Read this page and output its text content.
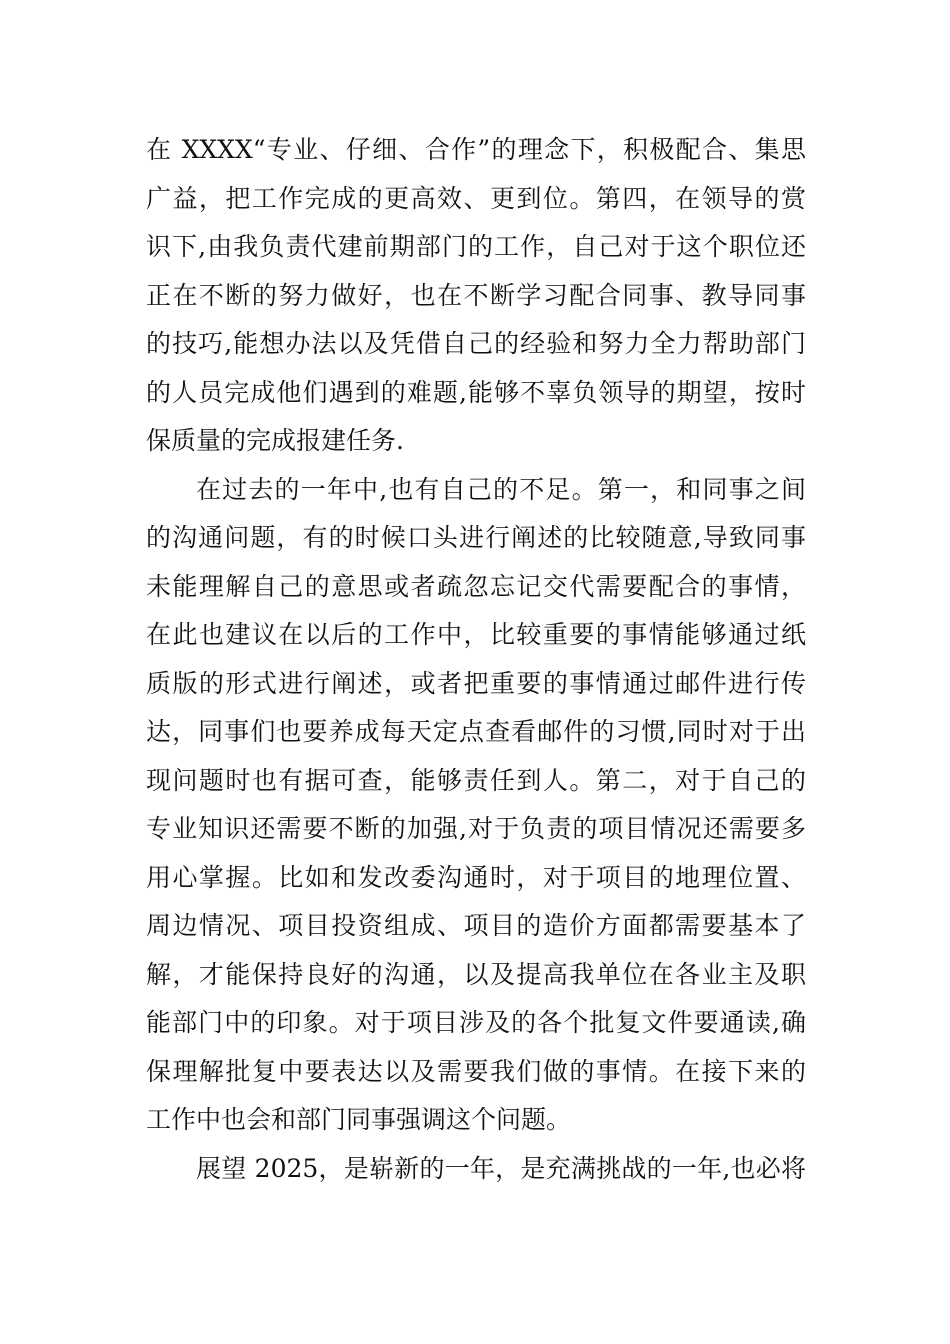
在 XXXX“专业、仔细、合作”的理念下，积极配合、集思
广益，把工作完成的更高效、更到位。第四，在领导的赏
识下,由我负责代建前期部门的工作，自己对于这个职位还
正在不断的努力做好，也在不断学习配合同事、教导同事
的技巧,能想办法以及凭借自己的经验和努力全力帮助部门
的人员完成他们遇到的难题,能够不辜负领导的期望，按时
保质量的完成报建任务.
在过去的一年中,也有自己的不足。第一，和同事之间
的沟通问题，有的时候口头进行阐述的比较随意,导致同事
未能理解自己的意思或者疏忽忘记交代需要配合的事情，
在此也建议在以后的工作中，比较重要的事情能够通过纸
质版的形式进行阐述，或者把重要的事情通过邮件进行传
达，同事们也要养成每天定点查看邮件的习惯,同时对于出
现问题时也有据可查，能够责任到人。第二，对于自己的
专业知识还需要不断的加强,对于负责的项目情况还需要多
用心掌握。比如和发改委沟通时，对于项目的地理位置、
周边情况、项目投资组成、项目的造价方面都需要基本了
解，才能保持良好的沟通，以及提高我单位在各业主及职
能部门中的印象。对于项目涉及的各个批复文件要通读,确
保理解批复中要表达以及需要我们做的事情。在接下来的
工作中也会和部门同事强调这个问题。
展望 2025，是崭新的一年，是充满挑战的一年,也必将
